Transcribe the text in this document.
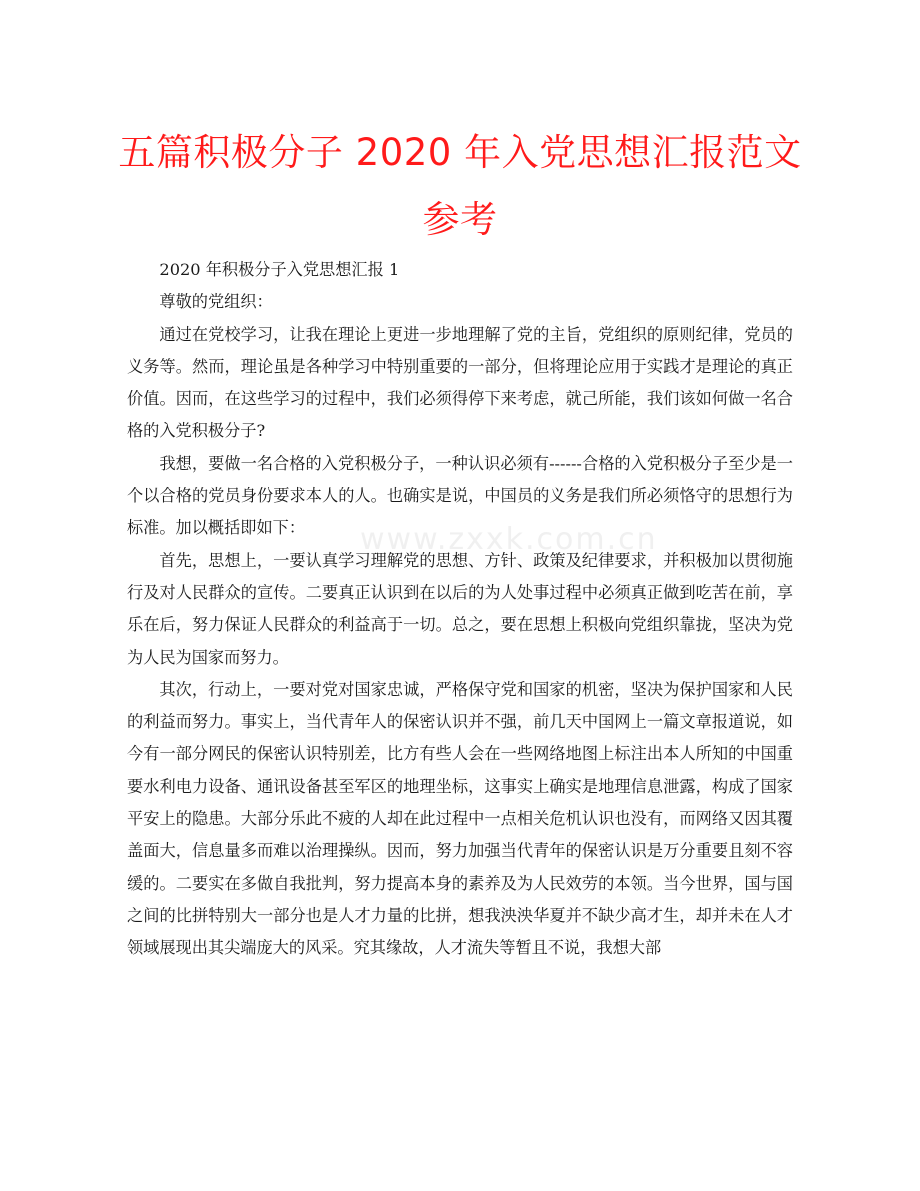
五篇积极分子 2020 年入党思想汇报范文
参考
www.zxxk.com.cn

2020 年积极分子入党思想汇报 1

尊敬的党组织：

通过在党校学习，让我在理论上更进一步地理解了党的主旨，党组织的原则纪律，党员的义务等。然而，理论虽是各种学习中特别重要的一部分，但将理论应用于实践才是理论的真正价值。因而，在这些学习的过程中，我们必须得停下来考虑，就己所能，我们该如何做一名合格的入党积极分子?

我想，要做一名合格的入党积极分子，一种认识必须有------合格的入党积极分子至少是一个以合格的党员身份要求本人的人。也确实是说，中国员的义务是我们所必须恪守的思想行为标准。加以概括即如下：

首先，思想上，一要认真学习理解党的思想、方针、政策及纪律要求，并积极加以贯彻施行及对人民群众的宣传。二要真正认识到在以后的为人处事过程中必须真正做到吃苦在前，享乐在后，努力保证人民群众的利益高于一切。总之，要在思想上积极向党组织靠拢，坚决为党为人民为国家而努力。

其次，行动上，一要对党对国家忠诚，严格保守党和国家的机密，坚决为保护国家和人民的利益而努力。事实上，当代青年人的保密认识并不强，前几天中国网上一篇文章报道说，如今有一部分网民的保密认识特别差，比方有些人会在一些网络地图上标注出本人所知的中国重要水利电力设备、通讯设备甚至军区的地理坐标，这事实上确实是地理信息泄露，构成了国家平安上的隐患。大部分乐此不疲的人却在此过程中一点相关危机认识也没有，而网络又因其覆盖面大，信息量多而难以治理操纵。因而，努力加强当代青年的保密认识是万分重要且刻不容缓的。二要实在多做自我批判，努力提高本身的素养及为人民效劳的本领。当今世界，国与国之间的比拼特别大一部分也是人才力量的比拼，想我泱泱华夏并不缺少高才生，却并未在人才领域展现出其尖端庞大的风采。究其缘故，人才流失等暂且不说，我想大部
